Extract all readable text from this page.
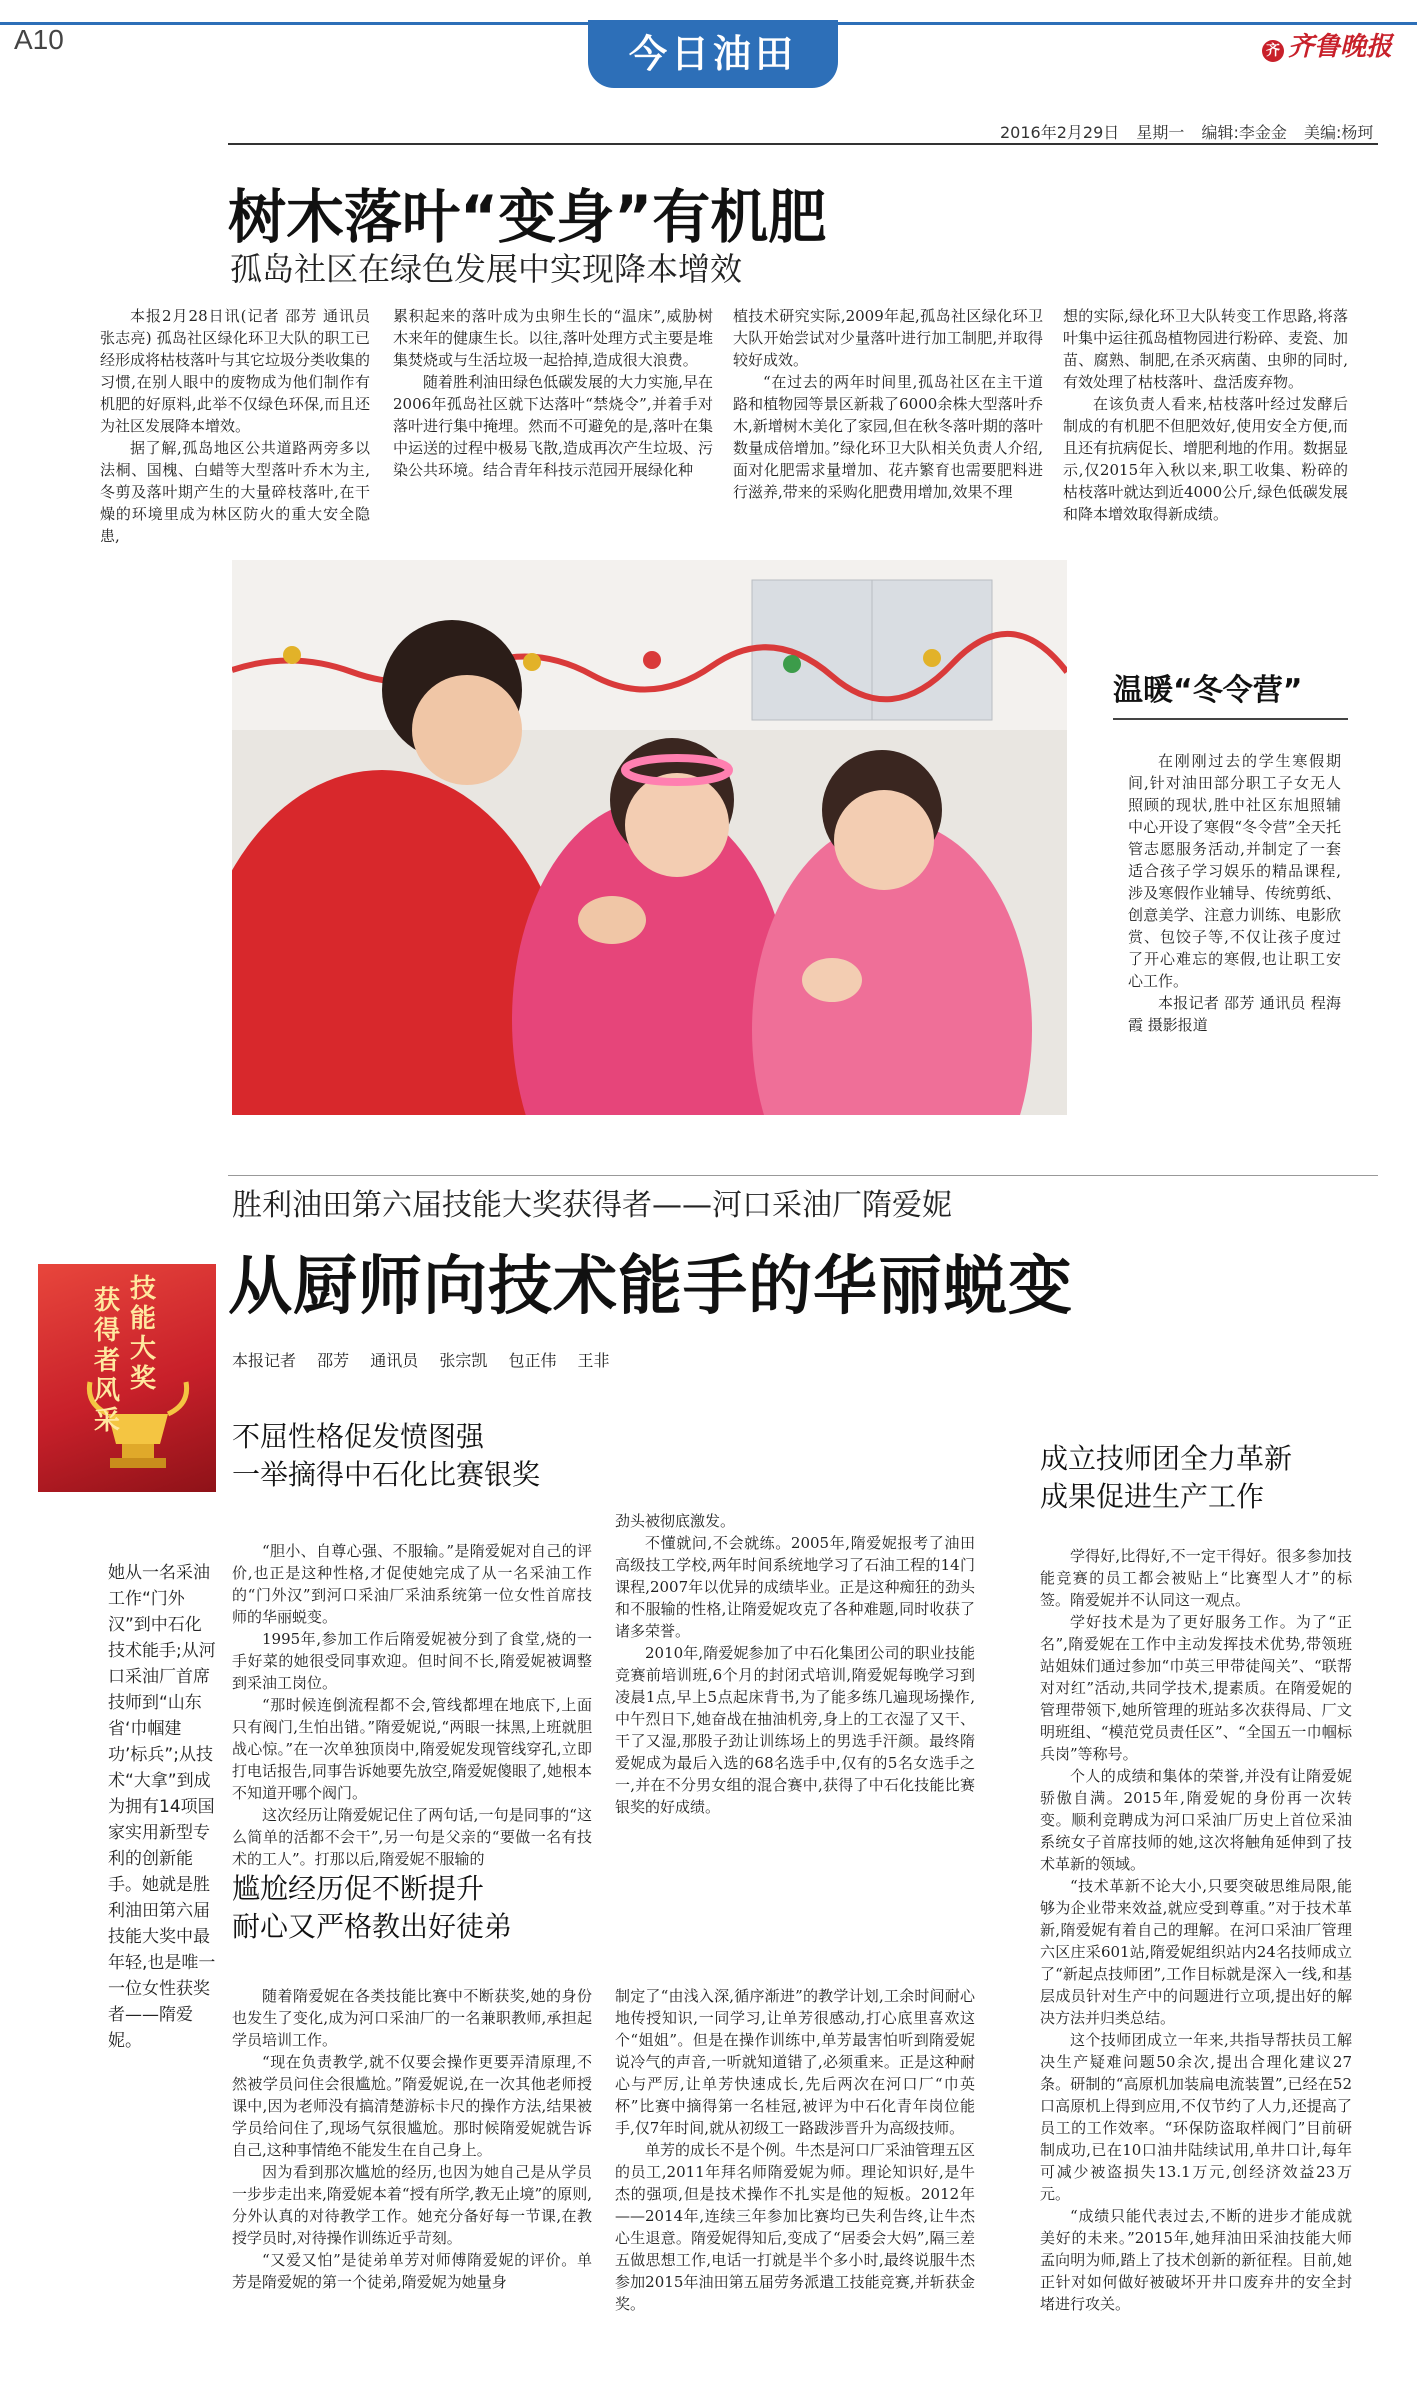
A10	今日油田	齐 齐鲁晚报
2016年2月29日 星期一 编辑:李金金 美编:杨珂
树木落叶“变身”有机肥
孤岛社区在绿色发展中实现降本增效

本报2月28日讯(记者 邵芳 通讯员 张志亮) 孤岛社区绿化环卫大队的职工已经形成将枯枝落叶与其它垃圾分类收集的习惯,在别人眼中的废物成为他们制作有机肥的好原料,此举不仅绿色环保,而且还为社区发展降本增效。

据了解,孤岛地区公共道路两旁多以法桐、国槐、白蜡等大型落叶乔木为主,冬剪及落叶期产生的大量碎枝落叶,在干燥的环境里成为林区防火的重大安全隐患,

累积起来的落叶成为虫卵生长的“温床”,威胁树木来年的健康生长。以往,落叶处理方式主要是堆集焚烧或与生活垃圾一起拾掉,造成很大浪费。

随着胜利油田绿色低碳发展的大力实施,早在2006年孤岛社区就下达落叶“禁烧令”,并着手对落叶进行集中掩埋。然而不可避免的是,落叶在集中运送的过程中极易飞散,造成再次产生垃圾、污染公共环境。结合青年科技示范园开展绿化种

植技术研究实际,2009年起,孤岛社区绿化环卫大队开始尝试对少量落叶进行加工制肥,并取得较好成效。

“在过去的两年时间里,孤岛社区在主干道路和植物园等景区新栽了6000余株大型落叶乔木,新增树木美化了家园,但在秋冬落叶期的落叶数量成倍增加。”绿化环卫大队相关负责人介绍,面对化肥需求量增加、花卉繁育也需要肥料进行滋养,带来的采购化肥费用增加,效果不理

想的实际,绿化环卫大队转变工作思路,将落叶集中运往孤岛植物园进行粉碎、麦瓷、加苗、腐熟、制肥,在杀灭病菌、虫卵的同时,有效处理了枯枝落叶、盘活废弃物。

在该负责人看来,枯枝落叶经过发酵后制成的有机肥不但肥效好,使用安全方便,而且还有抗病促长、增肥利地的作用。数据显示,仅2015年入秋以来,职工收集、粉碎的枯枝落叶就达到近4000公斤,绿色低碳发展和降本增效取得新成绩。

温暖“冬令营”

在刚刚过去的学生寒假期间,针对油田部分职工子女无人照顾的现状,胜中社区东旭照辅中心开设了寒假“冬令营”全天托管志愿服务活动,并制定了一套适合孩子学习娱乐的精品课程,涉及寒假作业辅导、传统剪纸、创意美学、注意力训练、电影欣赏、包饺子等,不仅让孩子度过了开心难忘的寒假,也让职工安心工作。

本报记者 邵芳 通讯员 程海霞 摄影报道

胜利油田第六届技能大奖获得者——河口采油厂隋爱妮
从厨师向技术能手的华丽蜕变
本报记者 邵芳 通讯员 张宗凯 包正伟 王非
技能大奖
获得者风采
她从一名采油工作“门外汉”到中石化技术能手;从河口采油厂首席技师到“山东省‘巾帼建功’标兵”;从技术“大拿”到成为拥有14项国家实用新型专利的创新能手。她就是胜利油田第六届技能大奖中最年轻,也是唯一一位女性获奖者——隋爱妮。
不屈性格促发愤图强
一举摘得中石化比赛银奖

“胆小、自尊心强、不服输。”是隋爱妮对自己的评价,也正是这种性格,才促使她完成了从一名采油工作的“门外汉”到河口采油厂采油系统第一位女性首席技师的华丽蜕变。

1995年,参加工作后隋爱妮被分到了食堂,烧的一手好菜的她很受同事欢迎。但时间不长,隋爱妮被调整到采油工岗位。

“那时候连倒流程都不会,管线都埋在地底下,上面只有阀门,生怕出错。”隋爱妮说,“两眼一抹黑,上班就胆战心惊。”在一次单独顶岗中,隋爱妮发现管线穿孔,立即打电话报告,同事告诉她要先放空,隋爱妮傻眼了,她根本不知道开哪个阀门。

这次经历让隋爱妮记住了两句话,一句是同事的“这么简单的活都不会干”,另一句是父亲的“要做一名有技术的工人”。打那以后,隋爱妮不服输的

劲头被彻底激发。

不懂就问,不会就练。2005年,隋爱妮报考了油田高级技工学校,两年时间系统地学习了石油工程的14门课程,2007年以优异的成绩毕业。正是这种痴狂的劲头和不服输的性格,让隋爱妮攻克了各种难题,同时收获了诸多荣誉。

2010年,隋爱妮参加了中石化集团公司的职业技能竞赛前培训班,6个月的封闭式培训,隋爱妮每晚学习到凌晨1点,早上5点起床背书,为了能多练几遍现场操作,中午烈日下,她奋战在抽油机旁,身上的工衣湿了又干、干了又湿,那股子劲让训练场上的男选手汗颜。最终隋爱妮成为最后入选的68名选手中,仅有的5名女选手之一,并在不分男女组的混合赛中,获得了中石化技能比赛银奖的好成绩。

尴尬经历促不断提升
耐心又严格教出好徒弟

随着隋爱妮在各类技能比赛中不断获奖,她的身份也发生了变化,成为河口采油厂的一名兼职教师,承担起学员培训工作。

“现在负责教学,就不仅要会操作更要弄清原理,不然被学员问住会很尴尬。”隋爱妮说,在一次其他老师授课中,因为老师没有搞清楚游标卡尺的操作方法,结果被学员给问住了,现场气氛很尴尬。那时候隋爱妮就告诉自己,这种事情绝不能发生在自己身上。

因为看到那次尴尬的经历,也因为她自己是从学员一步步走出来,隋爱妮本着“授有所学,教无止境”的原则,分外认真的对待教学工作。她充分备好每一节课,在教授学员时,对待操作训练近乎苛刻。

“又爱又怕”是徒弟单芳对师傅隋爱妮的评价。单芳是隋爱妮的第一个徒弟,隋爱妮为她量身

制定了“由浅入深,循序渐进”的教学计划,工余时间耐心地传授知识,一同学习,让单芳很感动,打心底里喜欢这个“姐姐”。但是在操作训练中,单芳最害怕听到隋爱妮说冷气的声音,一听就知道错了,必须重来。正是这种耐心与严厉,让单芳快速成长,先后两次在河口厂“巾英杯”比赛中摘得第一名桂冠,被评为中石化青年岗位能手,仅7年时间,就从初级工一路跋涉晋升为高级技师。

单芳的成长不是个例。牛杰是河口厂采油管理五区的员工,2011年拜名师隋爱妮为师。理论知识好,是牛杰的强项,但是技术操作不扎实是他的短板。2012年——2014年,连续三年参加比赛均已失利告终,让牛杰心生退意。隋爱妮得知后,变成了“居委会大妈”,隔三差五做思想工作,电话一打就是半个多小时,最终说服牛杰参加2015年油田第五届劳务派遣工技能竞赛,并斩获金奖。

成立技师团全力革新
成果促进生产工作

学得好,比得好,不一定干得好。很多参加技能竞赛的员工都会被贴上“比赛型人才”的标签。隋爱妮并不认同这一观点。

学好技术是为了更好服务工作。为了“正名”,隋爱妮在工作中主动发挥技术优势,带领班站姐妹们通过参加“巾英三甲带徒闯关”、“联帮对对红”活动,共同学技术,提素质。在隋爱妮的管理带领下,她所管理的班站多次获得局、厂文明班组、“模范党员责任区”、“全国五一巾帼标兵岗”等称号。

个人的成绩和集体的荣誉,并没有让隋爱妮骄傲自满。2015年,隋爱妮的身份再一次转变。顺利竞聘成为河口采油厂历史上首位采油系统女子首席技师的她,这次将触角延伸到了技术革新的领域。

“技术革新不论大小,只要突破思维局限,能够为企业带来效益,就应受到尊重。”对于技术革新,隋爱妮有着自己的理解。在河口采油厂管理六区庄采601站,隋爱妮组织站内24名技师成立了“新起点技师团”,工作目标就是深入一线,和基层成员针对生产中的问题进行立项,提出好的解决方法并归类总结。

这个技师团成立一年来,共指导帮扶员工解决生产疑难问题50余次,提出合理化建议27条。研制的“高原机加装扁电流装置”,已经在52口高原机上得到应用,不仅节约了人力,还提高了员工的工作效率。“环保防盗取样阀门”目前研制成功,已在10口油井陆续试用,单井口计,每年可减少被盗损失13.1万元,创经济效益23万元。

“成绩只能代表过去,不断的进步才能成就美好的未来。”2015年,她拜油田采油技能大师孟向明为师,踏上了技术创新的新征程。目前,她正针对如何做好被破坏开井口废弃井的安全封堵进行攻关。
